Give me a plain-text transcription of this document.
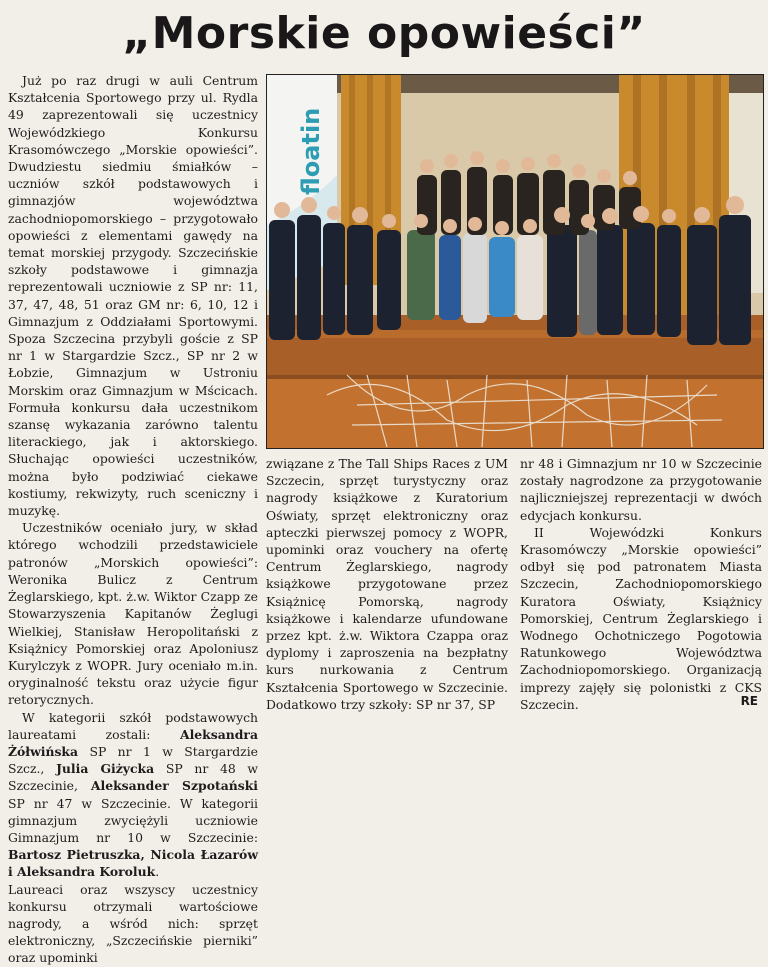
„Morskie opowieści”

Już po raz drugi w auli Centrum Kształcenia Sportowego przy ul. Rydla 49 zaprezentowali się uczestnicy Wojewódzkiego Konkursu Krasomówczego „Morskie opowieści”. Dwudziestu siedmiu śmiałków – uczniów szkół podstawowych i gimnazjów województwa zachodniopomorskiego – przygotowało opowieści z elementami gawędy na temat morskiej przygody. Szczecińskie szkoły podstawowe i gimnazja reprezentowali uczniowie z SP nr: 11, 37, 47, 48, 51 oraz GM nr: 6, 10, 12 i Gimnazjum z Oddziałami Sportowymi. Spoza Szczecina przybyli goście z SP nr 1 w Stargardzie Szcz., SP nr 2 w Łobzie, Gimnazjum w Ustroniu Morskim oraz Gimnazjum w Mścicach. Formuła konkursu dała uczestnikom szansę wykazania zarówno talentu literackiego, jak i aktorskiego. Słuchając opowieści uczestników, można było podziwiać ciekawe kostiumy, rekwizyty, ruch sceniczny i muzykę.

Uczestników oceniało jury, w skład którego wchodzili przedstawiciele patronów „Morskich opowieści”: Weronika Bulicz z Centrum Żeglarskiego, kpt. ż.w. Wiktor Czapp ze Stowarzyszenia Kapitanów Żeglugi Wielkiej, Stanisław Heropolitański z Książnicy Pomorskiej oraz Apoloniusz Kurylczyk z WOPR. Jury oceniało m.in. oryginalność tekstu oraz użycie figur retorycznych.

W kategorii szkół podstawowych laureatami zostali: Aleksandra Żółwińska SP nr 1 w Stargardzie Szcz., Julia Giżycka SP nr 48 w Szczecinie, Aleksander Szpotański SP nr 47 w Szczecinie. W kategorii gimnazjum zwyciężyli uczniowie Gimnazjum nr 10 w Szczecinie: Bartosz Pietruszka, Nicola Łazarów i Aleksandra Koroluk.

Laureaci oraz wszyscy uczestnicy konkursu otrzymali wartościowe nagrody, a wśród nich: sprzęt elektroniczny, „Szczecińskie pierniki” oraz upominki

floatin

związane z The Tall Ships Races z UM Szczecin, sprzęt turystyczny oraz nagrody książkowe z Kuratorium Oświaty, sprzęt elektroniczny oraz apteczki pierwszej pomocy z WOPR, upominki oraz vouchery na ofertę Centrum Żeglarskiego, nagrody książkowe przygotowane przez Książnicę Pomorską, nagrody książkowe i kalendarze ufundowane przez kpt. ż.w. Wiktora Czappa oraz dyplomy i zaproszenia na bezpłatny kurs nurkowania z Centrum Kształcenia Sportowego w Szczecinie. Dodatkowo trzy szkoły: SP nr 37, SP

nr 48 i Gimnazjum nr 10 w Szczecinie zostały nagrodzone za przygotowanie najliczniejszej reprezentacji w dwóch edycjach konkursu.

II Wojewódzki Konkurs Krasomówczy „Morskie opowieści” odbył się pod patronatem Miasta Szczecin, Zachodniopomorskiego Kuratora Oświaty, Książnicy Pomorskiej, Centrum Żeglarskiego i Wodnego Ochotniczego Pogotowia Ratunkowego Województwa Zachodniopomorskiego. Organizacją imprezy zajęły się polonistki z CKS Szczecin.	RE
